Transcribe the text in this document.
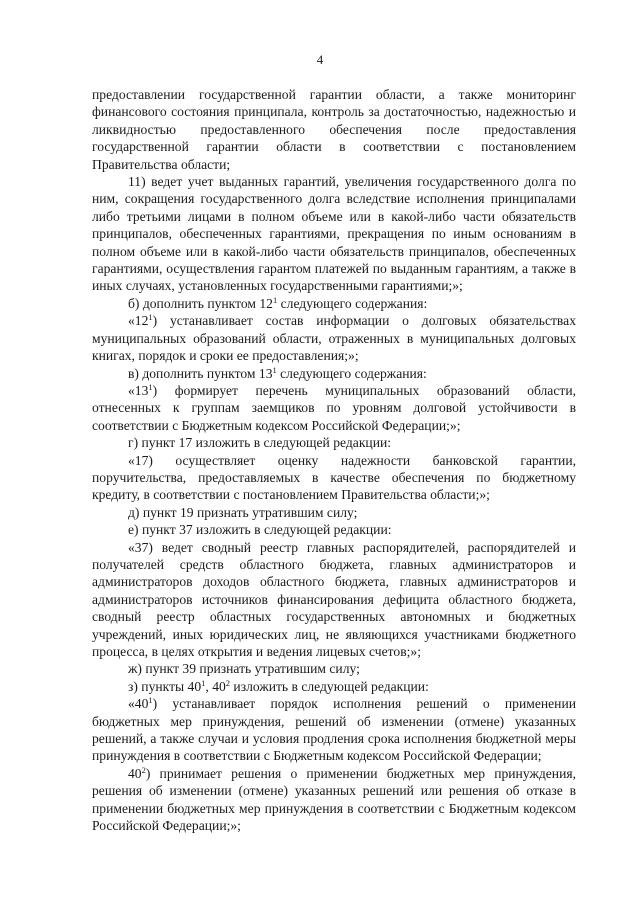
4

предоставлении государственной гарантии области, а также мониторинг финансового состояния принципала, контроль за достаточностью, надежностью и ликвидностью предоставленного обеспечения после предоставления государственной гарантии области в соответствии с постановлением Правительства области;

11) ведет учет выданных гарантий, увеличения государственного долга по ним, сокращения государственного долга вследствие исполнения принципалами либо третьими лицами в полном объеме или в какой-либо части обязательств принципалов, обеспеченных гарантиями, прекращения по иным основаниям в полном объеме или в какой-либо части обязательств принципалов, обеспеченных гарантиями, осуществления гарантом платежей по выданным гарантиям, а также в иных случаях, установленных государственными гарантиями;»;

б) дополнить пунктом $12^1$ следующего содержания:

«$12^1$) устанавливает состав информации о долговых обязательствах муниципальных образований области, отраженных в муниципальных долговых книгах, порядок и сроки ее предоставления;»;

в) дополнить пунктом $13^1$ следующего содержания:

«$13^1$) формирует перечень муниципальных образований области, отнесенных к группам заемщиков по уровням долговой устойчивости в соответствии с Бюджетным кодексом Российской Федерации;»;

г) пункт 17 изложить в следующей редакции:

«17) осуществляет оценку надежности банковской гарантии, поручительства, предоставляемых в качестве обеспечения по бюджетному кредиту, в соответствии с постановлением Правительства области;»;

д) пункт 19 признать утратившим силу;

е) пункт 37 изложить в следующей редакции:

«37) ведет сводный реестр главных распорядителей, распорядителей и получателей средств областного бюджета, главных администраторов и администраторов доходов областного бюджета, главных администраторов и администраторов источников финансирования дефицита областного бюджета, сводный реестр областных государственных автономных и бюджетных учреждений, иных юридических лиц, не являющихся участниками бюджетного процесса, в целях открытия и ведения лицевых счетов;»;

ж) пункт 39 признать утратившим силу;

з) пункты $40^1$, $40^2$ изложить в следующей редакции:

«$40^1$) устанавливает порядок исполнения решений о применении бюджетных мер принуждения, решений об изменении (отмене) указанных решений, а также случаи и условия продления срока исполнения бюджетной меры принуждения в соответствии с Бюджетным кодексом Российской Федерации;

$40^2$) принимает решения о применении бюджетных мер принуждения, решения об изменении (отмене) указанных решений или решения об отказе в применении бюджетных мер принуждения в соответствии с Бюджетным кодексом Российской Федерации;»;
